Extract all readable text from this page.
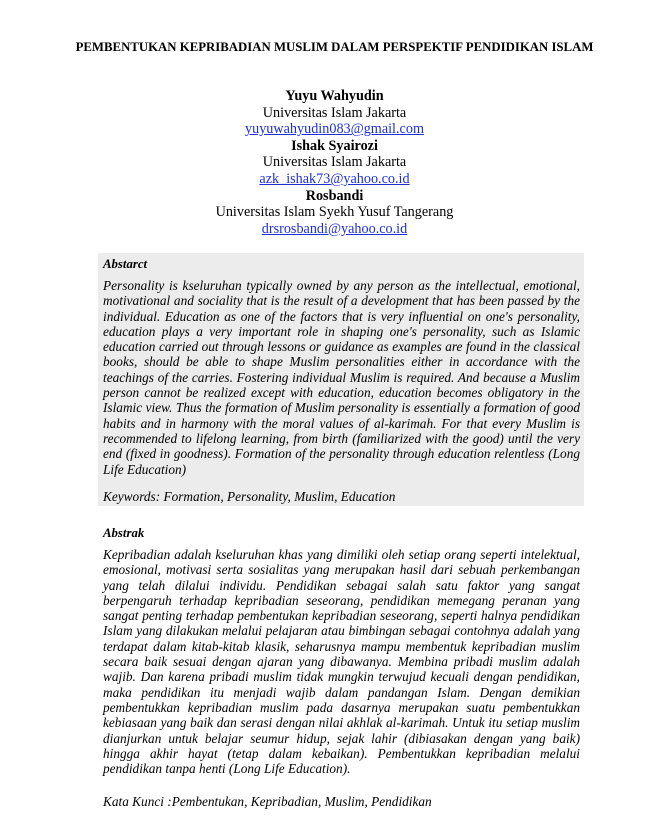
PEMBENTUKAN KEPRIBADIAN MUSLIM DALAM PERSPEKTIF PENDIDIKAN ISLAM
Yuyu Wahyudin
Universitas Islam Jakarta
yuyuwahyudin083@gmail.com
Ishak Syairozi
Universitas Islam Jakarta
azk_ishak73@yahoo.co.id
Rosbandi
Universitas Islam Syekh Yusuf Tangerang
drsrosbandi@yahoo.co.id
Abstarct

Personality is kseluruhan typically owned by any person as the intellectual, emotional, motivational and sociality that is the result of a development that has been passed by the individual. Education as one of the factors that is very influential on one's personality, education plays a very important role in shaping one's personality, such as Islamic education carried out through lessons or guidance as examples are found in the classical books, should be able to shape Muslim personalities either in accordance with the teachings of the carries. Fostering individual Muslim is required. And because a Muslim person cannot be realized except with education, education becomes obligatory in the Islamic view. Thus the formation of Muslim personality is essentially a formation of good habits and in harmony with the moral values of al-karimah. For that every Muslim is recommended to lifelong learning, from birth (familiarized with the good) until the very end (fixed in goodness). Formation of the personality through education relentless (Long Life Education)

Keywords: Formation, Personality, Muslim, Education

Abstrak

Kepribadian adalah kseluruhan khas yang dimiliki oleh setiap orang seperti intelektual, emosional, motivasi serta sosialitas yang merupakan hasil dari sebuah perkembangan yang telah dilalui individu. Pendidikan sebagai salah satu faktor yang sangat berpengaruh terhadap kepribadian seseorang, pendidikan memegang peranan yang sangat penting terhadap pembentukan kepribadian seseorang, seperti halnya pendidikan Islam yang dilakukan melalui pelajaran atau bimbingan sebagai contohnya adalah yang terdapat dalam kitab-kitab klasik, seharusnya mampu membentuk kepribadian muslim secara baik sesuai dengan ajaran yang dibawanya. Membina pribadi muslim adalah wajib. Dan karena pribadi muslim tidak mungkin terwujud kecuali dengan pendidikan, maka pendidikan itu menjadi wajib dalam pandangan Islam. Dengan demikian pembentukkan kepribadian muslim pada dasarnya merupakan suatu pembentukkan kebiasaan yang baik dan serasi dengan nilai akhlak al-karimah. Untuk itu setiap muslim dianjurkan untuk belajar seumur hidup, sejak lahir (dibiasakan dengan yang baik) hingga akhir hayat (tetap dalam kebaikan). Pembentukkan kepribadian melalui pendidikan tanpa henti (Long Life Education).

Kata Kunci :Pembentukan, Kepribadian, Muslim, Pendidikan
